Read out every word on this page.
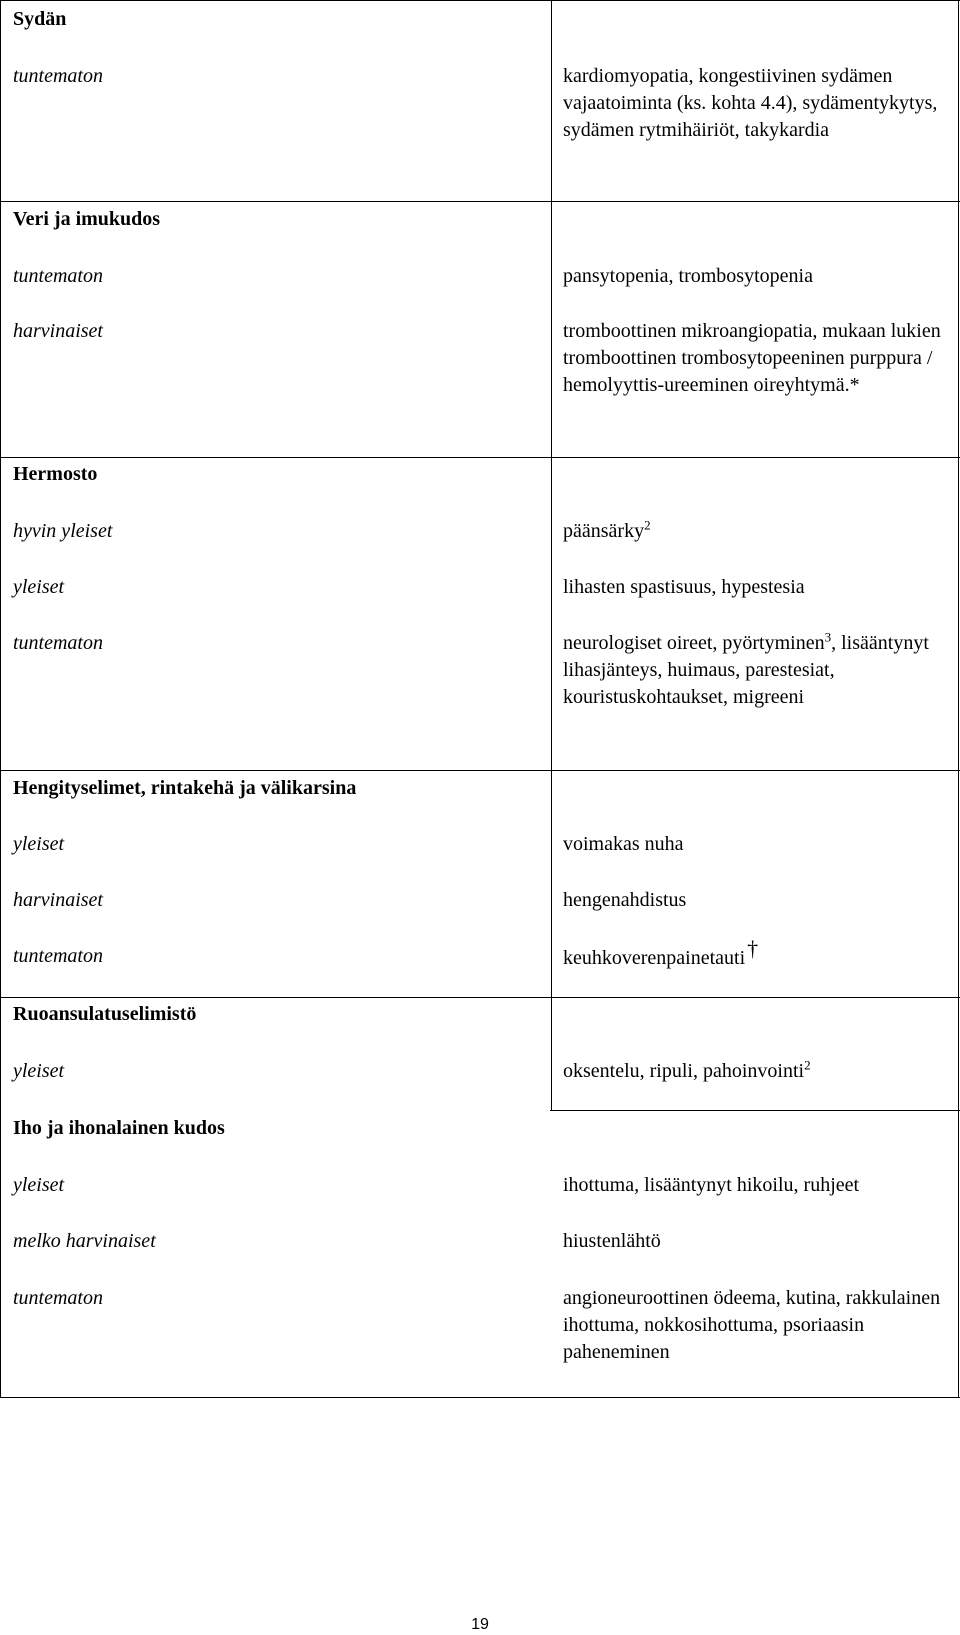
Sydän
tuntematon	kardiomyopatia, kongestiivinen sydämen vajaatoiminta (ks. kohta 4.4), sydämentykytys, sydämen rytmihäiriöt, takykardia
Veri ja imukudos
tuntematon	pansytopenia, trombosytopenia
harvinaiset	tromboottinen mikroangiopatia, mukaan lukien tromboottinen trombosytopeeninen purppura / hemolyyttis-ureeminen oireyhtymä.*
Hermosto
hyvin yleiset	päänsärky$^2$
yleiset	lihasten spastisuus, hypestesia
tuntematon	neurologiset oireet, pyörtyminen$^3$, lisääntynyt lihasjänteys, huimaus, parestesiat, kouristuskohtaukset, migreeni
Hengityselimet, rintakehä ja välikarsina
yleiset	voimakas nuha
harvinaiset	hengenahdistus
tuntematon	keuhkoverenpainetauti†
Ruoansulatuselimistö
yleiset	oksentelu, ripuli, pahoinvointi$^2$
Iho ja ihonalainen kudos
yleiset	ihottuma, lisääntynyt hikoilu, ruhjeet
melko harvinaiset	hiustenlähtö
tuntematon	angioneuroottinen ödeema, kutina, rakkulainen ihottuma, nokkosihottuma, psoriaasin paheneminen
19
